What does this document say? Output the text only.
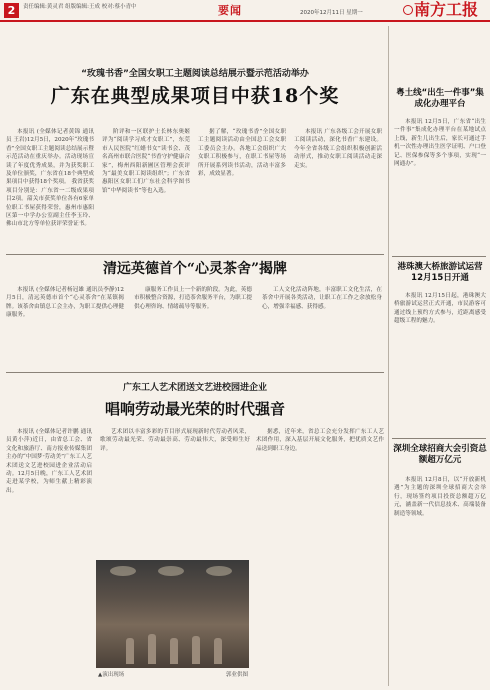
2	责任编辑:黄灵君 组版编辑:王成 校对:蔡小青中	要闻	2020年12月11日 星期一	南方工报
“玫瑰书香”全国女职工主题阅读总结展示暨示范活动举办
广东在典型成果项目中获18个奖

本报讯 (全媒体记者黄锦 通讯员 王岩)12月5日，2020年“玫瑰书香”全国女职工主题阅读总结展示暨示范活动在重庆举办。活动现场宣读了年度优秀成果，并为获奖职工及单位颁奖，广东省在18个典型成果项目中获得18个奖项。 我省获奖项目分别是：广东省一二级成果项目2项。韶关市获奖单位各有6家单位职工书屋获得荣誉，惠州市惠阳区第一中学办公室副主任李玉玲、佛山市北方等单位获评荣誉证书。

阶评和一区联护士长林东奥姬评为“阅读学习成才女职工”，东莞市人民医院“红蜡书女”读书会、茂名高州市联合医院“书香守护健康合家”，梅州西阳新圃区管理会获评为“最美女职工阅读组织”；广东省惠阳区女职工们广东社会科学图书馆“中华阅读书”等也入选。

据了解，“玫瑰书香”全国女职工主题阅读活动由全国总工会女职工委员会主办。各地工会组织广大女职工积极参与，在职工书屋等场所开展系列读书活动，活动丰富多彩，成效显著。

本报讯 广东各级工会开展女职工阅读活动，深化书香广东建设。今年全省各级工会组织积极创新活动形式，推动女职工阅读活动走深走实。

清远英德首个“心灵茶舍”揭牌

本报讯 (全媒体记者杨冠雄 通讯员李静)12月5日，清远英德市首个“心灵茶舍”在某镇揭牌。该茶舍由镇总工会主办，为职工提供心理健康服务。

康服务工作员上一个新的阶段。为此，英德市积极整合资源，打造茶舍服务平台，为职工提供心理咨询、情绪疏导等服务。

工人文化活动阵地，丰富职工文化生活，在茶舍中开展各类活动，让职工在工作之余放松身心，增强幸福感、获得感。

广东工人艺术团送文艺进校园进企业
唱响劳动最光荣的时代强音

本报讯 (全媒体记者许鹏 通讯员黄小萍)近日，由省总工会、省文化和旅游厅、南方报业传媒集团主办的“中国梦·劳动美”广东工人艺术团送文艺进校园进企业活动启动。12月5日晚，广东工人艺术团走进某学校，为师生献上精彩演出。

艺术团以丰富多彩的节目形式展现新时代劳动者风采，歌颂劳动最光荣、劳动最崇高、劳动最伟大，深受师生好评。

据悉，近年来，省总工会充分发挥广东工人艺术团作用，深入基层开展文化服务，把优质文艺作品送到职工身边。

▲演出现场	郭业供图
粤土线“出生一件事”集成化办理平台

本报讯 12月5日，广东省“出生一件事”集成化办理平台在某地试点上线，新生儿出生后，家长可通过手机一次性办理出生医学证明、户口登记、医保参保等多个事项，实现“一网通办”。

港珠澳大桥旅游试运营12月15日开通

本报讯 12月15日起，港珠澳大桥旅游试运营正式开通，市民游客可通过线上预约方式参与，近距离感受超级工程的魅力。

深圳全球招商大会引资总额超万亿元

本报讯 12月8日，以“开放新机遇”为主题的深圳全球招商大会举行，现场签约项目投资总额超万亿元，涵盖新一代信息技术、高端装备制造等领域。
